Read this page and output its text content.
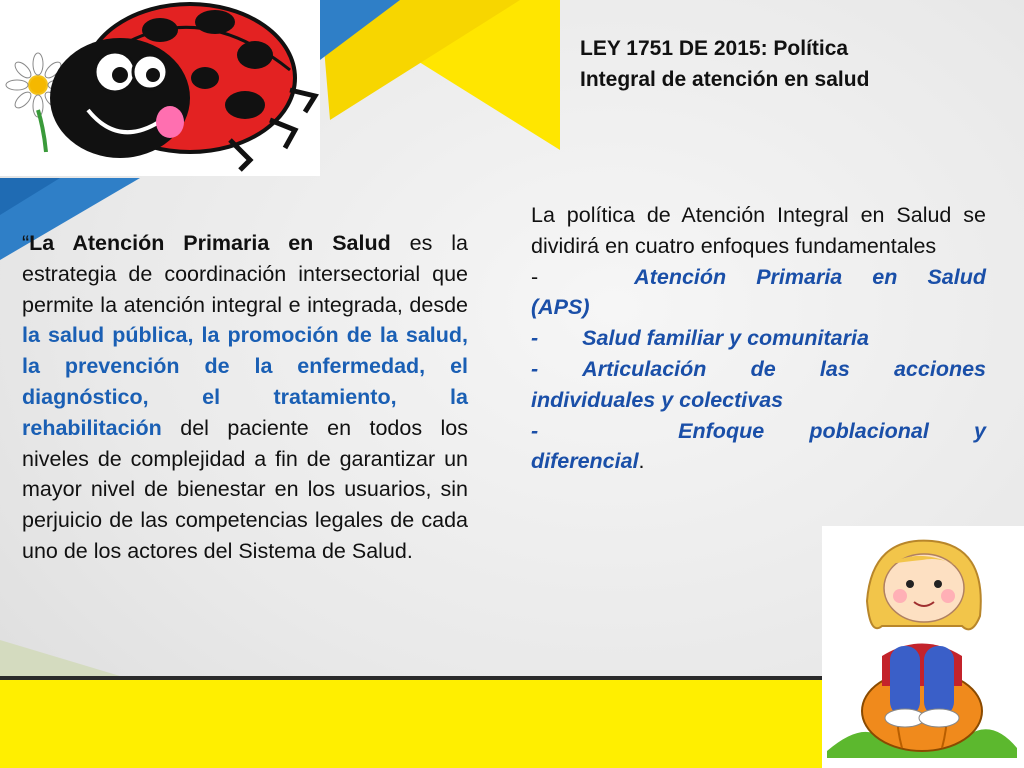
LEY 1751 DE 2015: Política
Integral de atención en salud
“La Atención Primaria en Salud es la estrategia de coordinación intersectorial que permite la atención integral e integrada, desde la salud pública, la promoción de la salud, la prevención de la enfermedad, el diagnóstico, el tratamiento, la rehabilitación del paciente en todos los niveles de complejidad a fin de garantizar un mayor nivel de bienestar en los usuarios, sin perjuicio de las competencias legales de cada uno de los actores del Sistema de Salud.

La política de Atención Integral en Salud se dividirá en cuatro enfoques fundamentales

-	Atención Primaria en Salud

(APS)

- Salud familiar y comunitaria

- Articulación de las acciones individuales y colectivas

-	Enfoque poblacional y diferencial.
